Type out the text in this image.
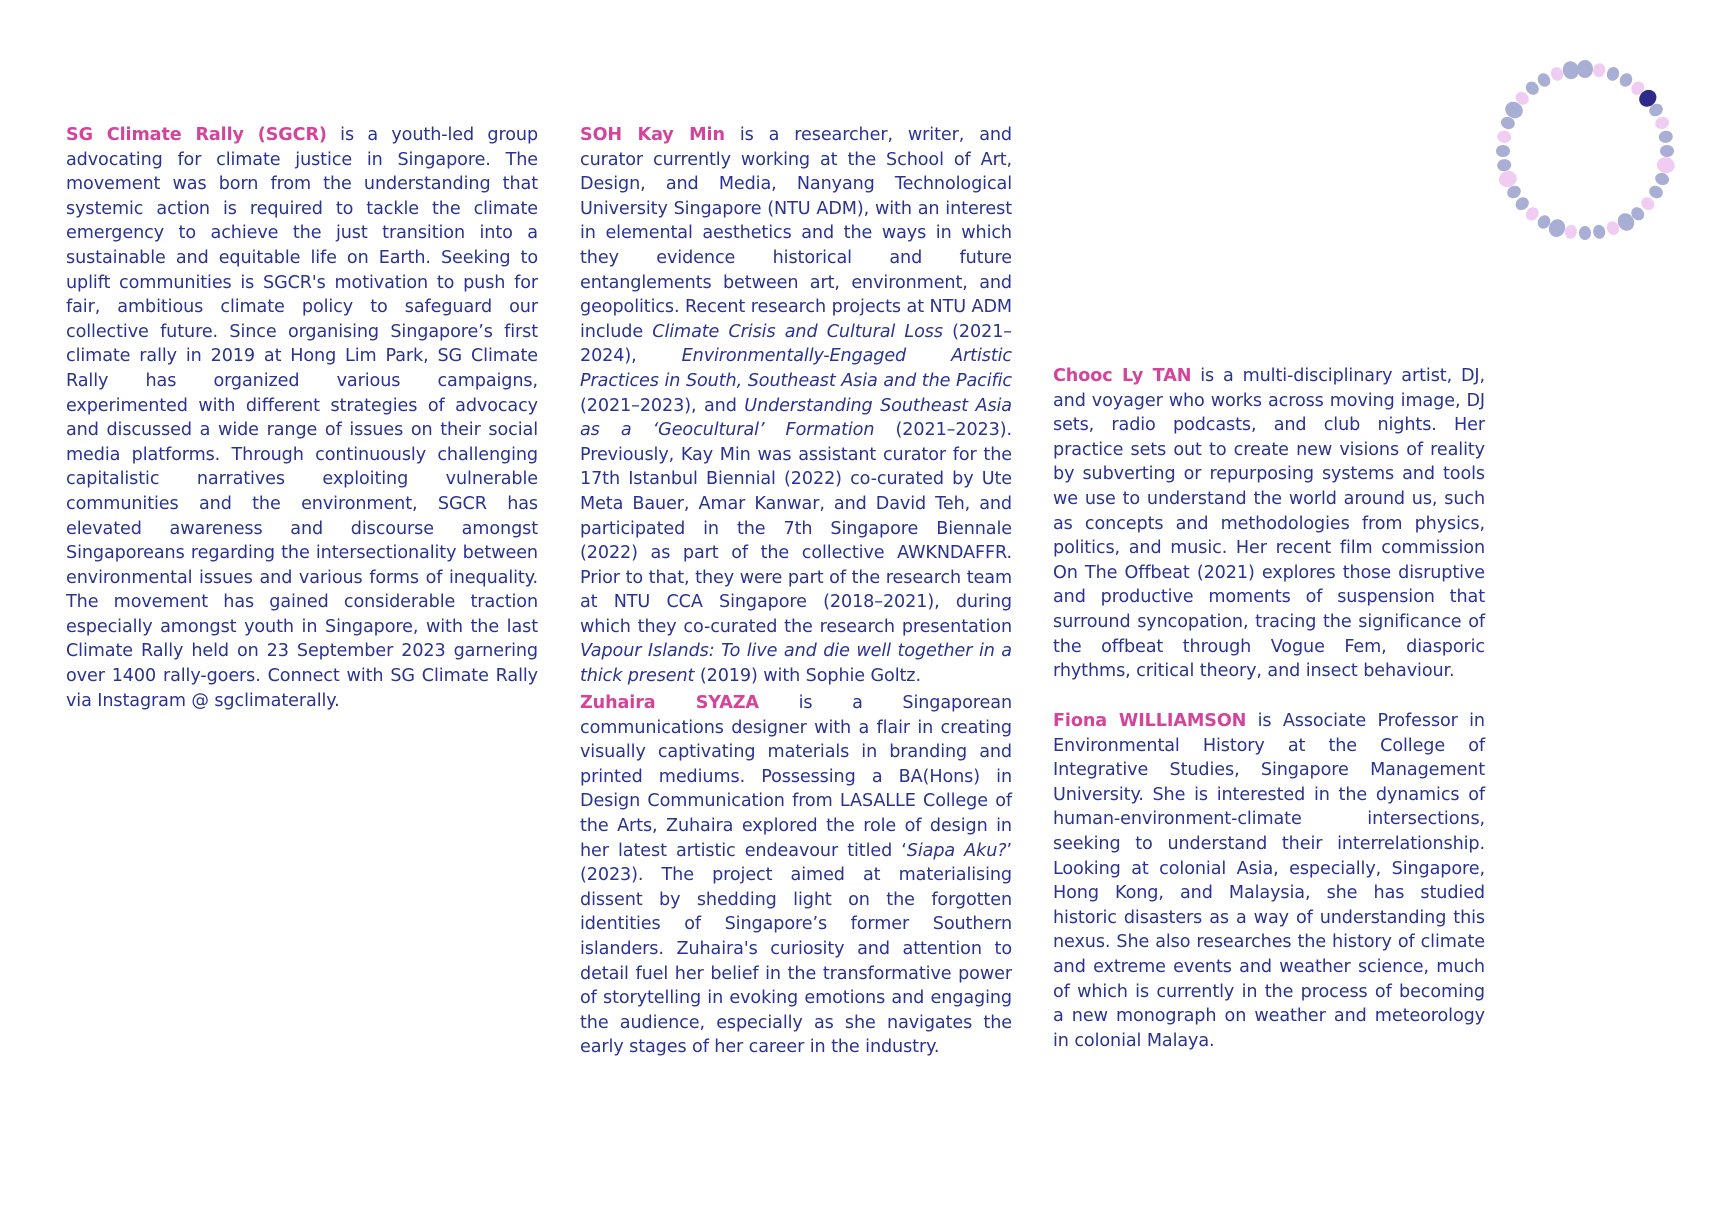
SG Climate Rally (SGCR) is a youth-led group advocating for climate justice in Singapore. The movement was born from the understanding that systemic action is required to tackle the climate emergency to achieve the just transition into a sustainable and equitable life on Earth. Seeking to uplift communities is SGCR's motivation to push for fair, ambitious climate policy to safeguard our collective future. Since organising Singapore’s first climate rally in 2019 at Hong Lim Park, SG Climate Rally has organized various campaigns, experimented with different strategies of advocacy and discussed a wide range of issues on their social media platforms. Through continuously challenging capitalistic narratives exploiting vulnerable communities and the environment, SGCR has elevated awareness and discourse amongst Singaporeans regarding the intersectionality between environmental issues and various forms of inequality. The movement has gained considerable traction especially amongst youth in Singapore, with the last Climate Rally held on 23 September 2023 garnering over 1400 rally-goers. Connect with SG Climate Rally via Instagram @ sgclimaterally.

SOH Kay Min is a researcher, writer, and curator currently working at the School of Art, Design, and Media, Nanyang Technological University Singapore (NTU ADM), with an interest in elemental aesthetics and the ways in which they evidence historical and future entanglements between art, environment, and geopolitics. Recent research projects at NTU ADM include Climate Crisis and Cultural Loss (2021–2024), Environmentally-Engaged Artistic Practices in South, Southeast Asia and the Pacific (2021–2023), and Understanding Southeast Asia as a ‘Geocultural’ Formation (2021–2023). Previously, Kay Min was assistant curator for the 17th Istanbul Biennial (2022) co-curated by Ute Meta Bauer, Amar Kanwar, and David Teh, and participated in the 7th Singapore Biennale (2022) as part of the collective AWKNDAFFR. Prior to that, they were part of the research team at NTU CCA Singapore (2018–2021), during which they co-curated the research presentation Vapour Islands: To live and die well together in a thick present (2019) with Sophie Goltz.

Zuhaira SYAZA is a Singaporean communications designer with a flair in creating visually captivating materials in branding and printed mediums. Possessing a BA(Hons) in Design Communication from LASALLE College of the Arts, Zuhaira explored the role of design in her latest artistic endeavour titled ‘Siapa Aku?’ (2023). The project aimed at materialising dissent by shedding light on the forgotten identities of Singapore’s former Southern islanders. Zuhaira's curiosity and attention to detail fuel her belief in the transformative power of storytelling in evoking emotions and engaging the audience, especially as she navigates the early stages of her career in the industry.

Chooc Ly TAN is a multi-disciplinary artist, DJ, and voyager who works across moving image, DJ sets, radio podcasts, and club nights. Her practice sets out to create new visions of reality by subverting or repurposing systems and tools we use to understand the world around us, such as concepts and methodologies from physics, politics, and music. Her recent film commission On The Offbeat (2021) explores those disruptive and productive moments of suspension that surround syncopation, tracing the significance of the offbeat through Vogue Fem, diasporic rhythms, critical theory, and insect behaviour.

Fiona WILLIAMSON is Associate Professor in Environmental History at the College of Integrative Studies, Singapore Management University. She is interested in the dynamics of human-environment-climate intersections, seeking to understand their interrelationship. Looking at colonial Asia, especially, Singapore, Hong Kong, and Malaysia, she has studied historic disasters as a way of understanding this nexus. She also researches the history of climate and extreme events and weather science, much of which is currently in the process of becoming a new monograph on weather and meteorology in colonial Malaya.
